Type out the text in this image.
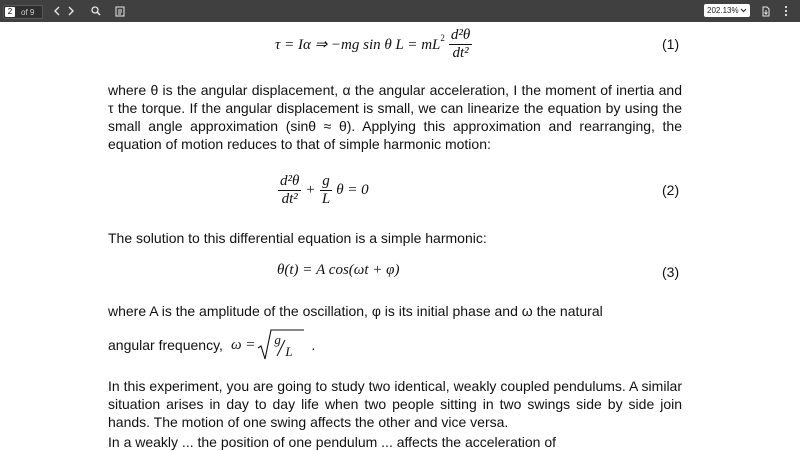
2	of 9	202.13%
τ = Iα ⇒ −mg sin θ $L = mL^2 \frac{\text{d²θ}}{\text{dt²}}$	(1)
where θ is the angular displacement, α the angular acceleration, I the moment of inertia and τ the torque. If the angular displacement is small, we can linearize the equation by using the small angle approximation (sinθ ≈ θ). Applying this approximation and rearranging, the equation of motion reduces to that of simple harmonic motion:
$\frac{\text{d²θ}}{\text{dt²}} + \frac{g}{L}$ θ = 0	(2)
The solution to this differential equation is a simple harmonic:
θ(t) = A cos(ωt + φ)	(3)
where A is the amplitude of the oscillation, φ is its initial phase and ω the natural
angular frequency, ω = g
L .
In this experiment, you are going to study two identical, weakly coupled pendulums. A similar situation arises in day to day life when two people sitting in two swings side by side join hands. The motion of one swing affects the other and vice versa.
In a weakly ... the position of one pendulum ... affects the acceleration of
